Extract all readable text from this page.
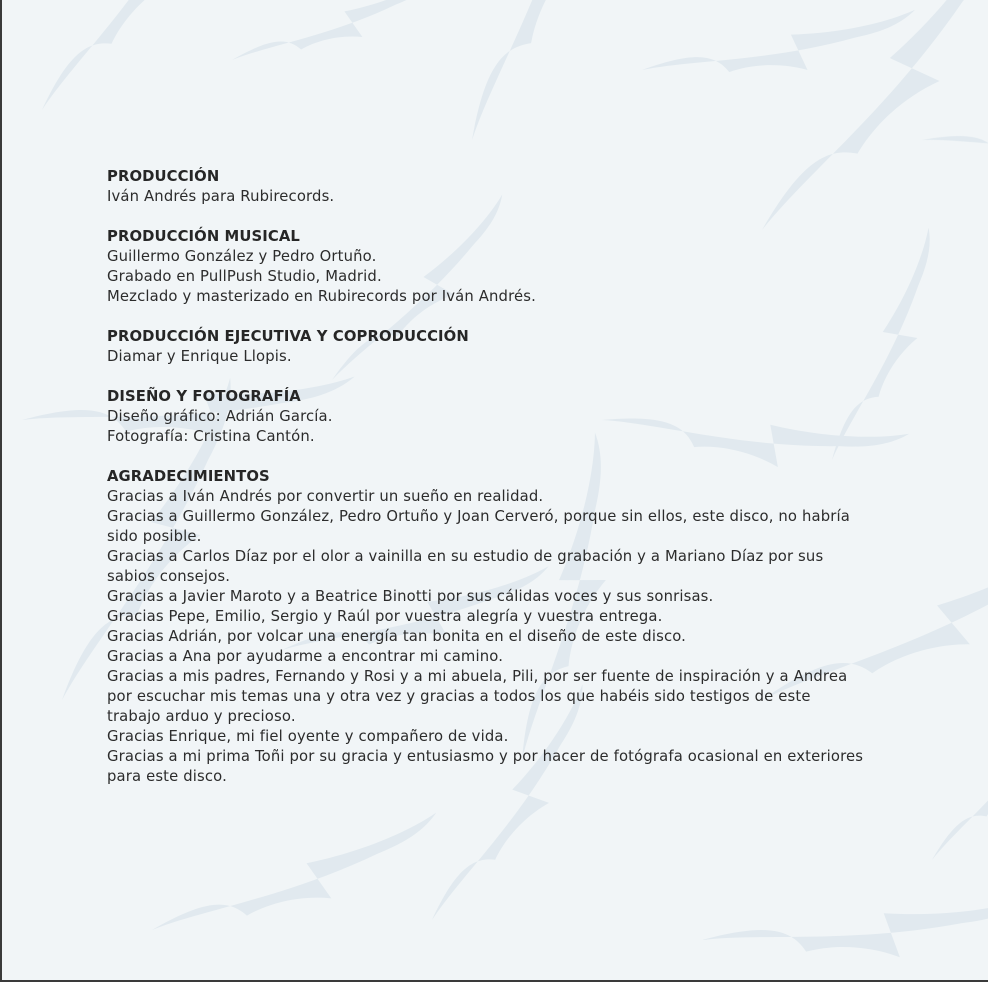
PRODUCCIÓN
Iván Andrés para Rubirecords.
PRODUCCIÓN MUSICAL
Guillermo González y Pedro Ortuño.
Grabado en PullPush Studio, Madrid.
Mezclado y masterizado en Rubirecords por Iván Andrés.
PRODUCCIÓN EJECUTIVA Y COPRODUCCIÓN
Diamar y Enrique Llopis.
DISEÑO Y FOTOGRAFÍA
Diseño gráfico: Adrián García.
Fotografía: Cristina Cantón.
AGRADECIMIENTOS
Gracias a Iván Andrés por convertir un sueño en realidad.
Gracias a Guillermo González, Pedro Ortuño y Joan Cerveró, porque sin ellos, este disco, no habría sido posible.
Gracias a Carlos Díaz por el olor a vainilla en su estudio de grabación y a Mariano Díaz por sus sabios consejos.
Gracias a Javier Maroto y a Beatrice Binotti por sus cálidas voces y sus sonrisas.
Gracias Pepe, Emilio, Sergio y Raúl por vuestra alegría y vuestra entrega.
Gracias Adrián, por volcar una energía tan bonita en el diseño de este disco.
Gracias a Ana por ayudarme a encontrar mi camino.
Gracias a mis padres, Fernando y Rosi y a mi abuela, Pili, por ser fuente de inspiración y a Andrea por escuchar mis temas una y otra vez y gracias a todos los que habéis sido testigos de este trabajo arduo y precioso.
Gracias Enrique, mi fiel oyente y compañero de vida.
Gracias a mi prima Toñi por su gracia y entusiasmo y por hacer de fotógrafa ocasional en exteriores para este disco.
